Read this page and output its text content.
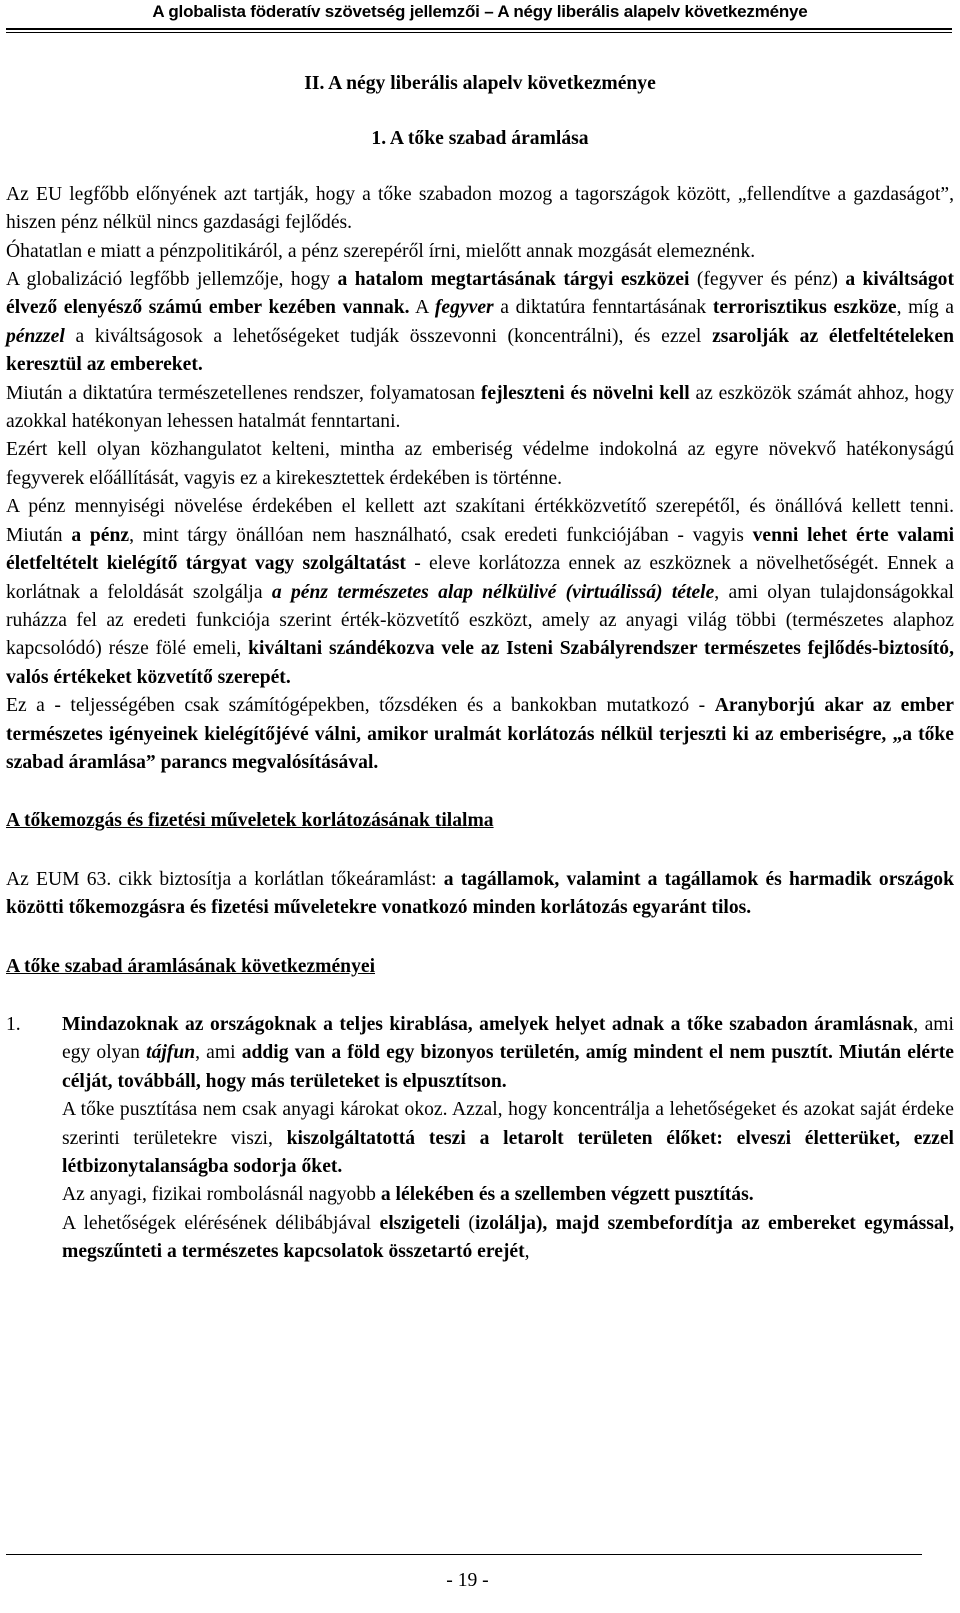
A globalista föderatív szövetség jellemzői – A négy liberális alapelv következménye

II. A négy liberális alapelv következménye

1. A tőke szabad áramlása

Az EU legfőbb előnyének azt tartják, hogy a tőke szabadon mozog a tagországok között, „fellendítve a gazdaságot”, hiszen pénz nélkül nincs gazdasági fejlődés.

Óhatatlan e miatt a pénzpolitikáról, a pénz szerepéről írni, mielőtt annak mozgását elemeznénk.

A globalizáció legfőbb jellemzője, hogy a hatalom megtartásának tárgyi eszközei (fegyver és pénz) a kiváltságot élvező elenyésző számú ember kezében vannak. A fegyver a diktatúra fenntartásának terrorisztikus eszköze, míg a pénzzel a kiváltságosok a lehetőségeket tudják összevonni (koncentrálni), és ezzel zsarolják az életfeltételeken keresztül az embereket.

Miután a diktatúra természetellenes rendszer, folyamatosan fejleszteni és növelni kell az eszközök számát ahhoz, hogy azokkal hatékonyan lehessen hatalmát fenntartani.

Ezért kell olyan közhangulatot kelteni, mintha az emberiség védelme indokolná az egyre növekvő hatékonyságú fegyverek előállítását, vagyis ez a kirekesztettek érdekében is történne.

A pénz mennyiségi növelése érdekében el kellett azt szakítani értékközvetítő szerepétől, és önállóvá kellett tenni. Miután a pénz, mint tárgy önállóan nem használható, csak eredeti funkciójában - vagyis venni lehet érte valami életfeltételt kielégítő tárgyat vagy szolgáltatást - eleve korlátozza ennek az eszköznek a növelhetőségét. Ennek a korlátnak a feloldását szolgálja a pénz természetes alap nélkülivé (virtuálissá) tétele, ami olyan tulajdonságokkal ruházza fel az eredeti funkciója szerint érték-közvetítő eszközt, amely az anyagi világ többi (természetes alaphoz kapcsolódó) része fölé emeli, kiváltani szándékozva vele az Isteni Szabályrendszer természetes fejlődés-biztosító, valós értékeket közvetítő szerepét.

Ez a - teljességében csak számítógépekben, tőzsdéken és a bankokban mutatkozó - Aranyborjú akar az ember természetes igényeinek kielégítőjévé válni, amikor uralmát korlátozás nélkül terjeszti ki az emberiségre, „a tőke szabad áramlása” parancs megvalósításával.

A tőkemozgás és fizetési műveletek korlátozásának tilalma

Az EUM 63. cikk biztosítja a korlátlan tőkeáramlást: a tagállamok, valamint a tagállamok és harmadik országok közötti tőkemozgásra és fizetési műveletekre vonatkozó minden korlátozás egyaránt tilos.

A tőke szabad áramlásának következményei

1.	Mindazoknak az országoknak a teljes kirablása, amelyek helyet adnak a tőke szabadon áramlásnak, ami egy olyan tájfun, ami addig van a föld egy bizonyos területén, amíg mindent el nem pusztít. Miután elérte célját, továbbáll, hogy más területeket is elpusztítson.

A tőke pusztítása nem csak anyagi károkat okoz. Azzal, hogy koncentrálja a lehetőségeket és azokat saját érdeke szerinti területekre viszi, kiszolgáltatottá teszi a letarolt területen élőket: elveszi életterüket, ezzel létbizonytalanságba sodorja őket.

Az anyagi, fizikai rombolásnál nagyobb a lélekében és a szellemben végzett pusztítás.

A lehetőségek elérésének délibábjával elszigeteli (izolálja), majd szembefordítja az embereket egymással, megszűnteti a természetes kapcsolatok összetartó erejét,

- 19 -
